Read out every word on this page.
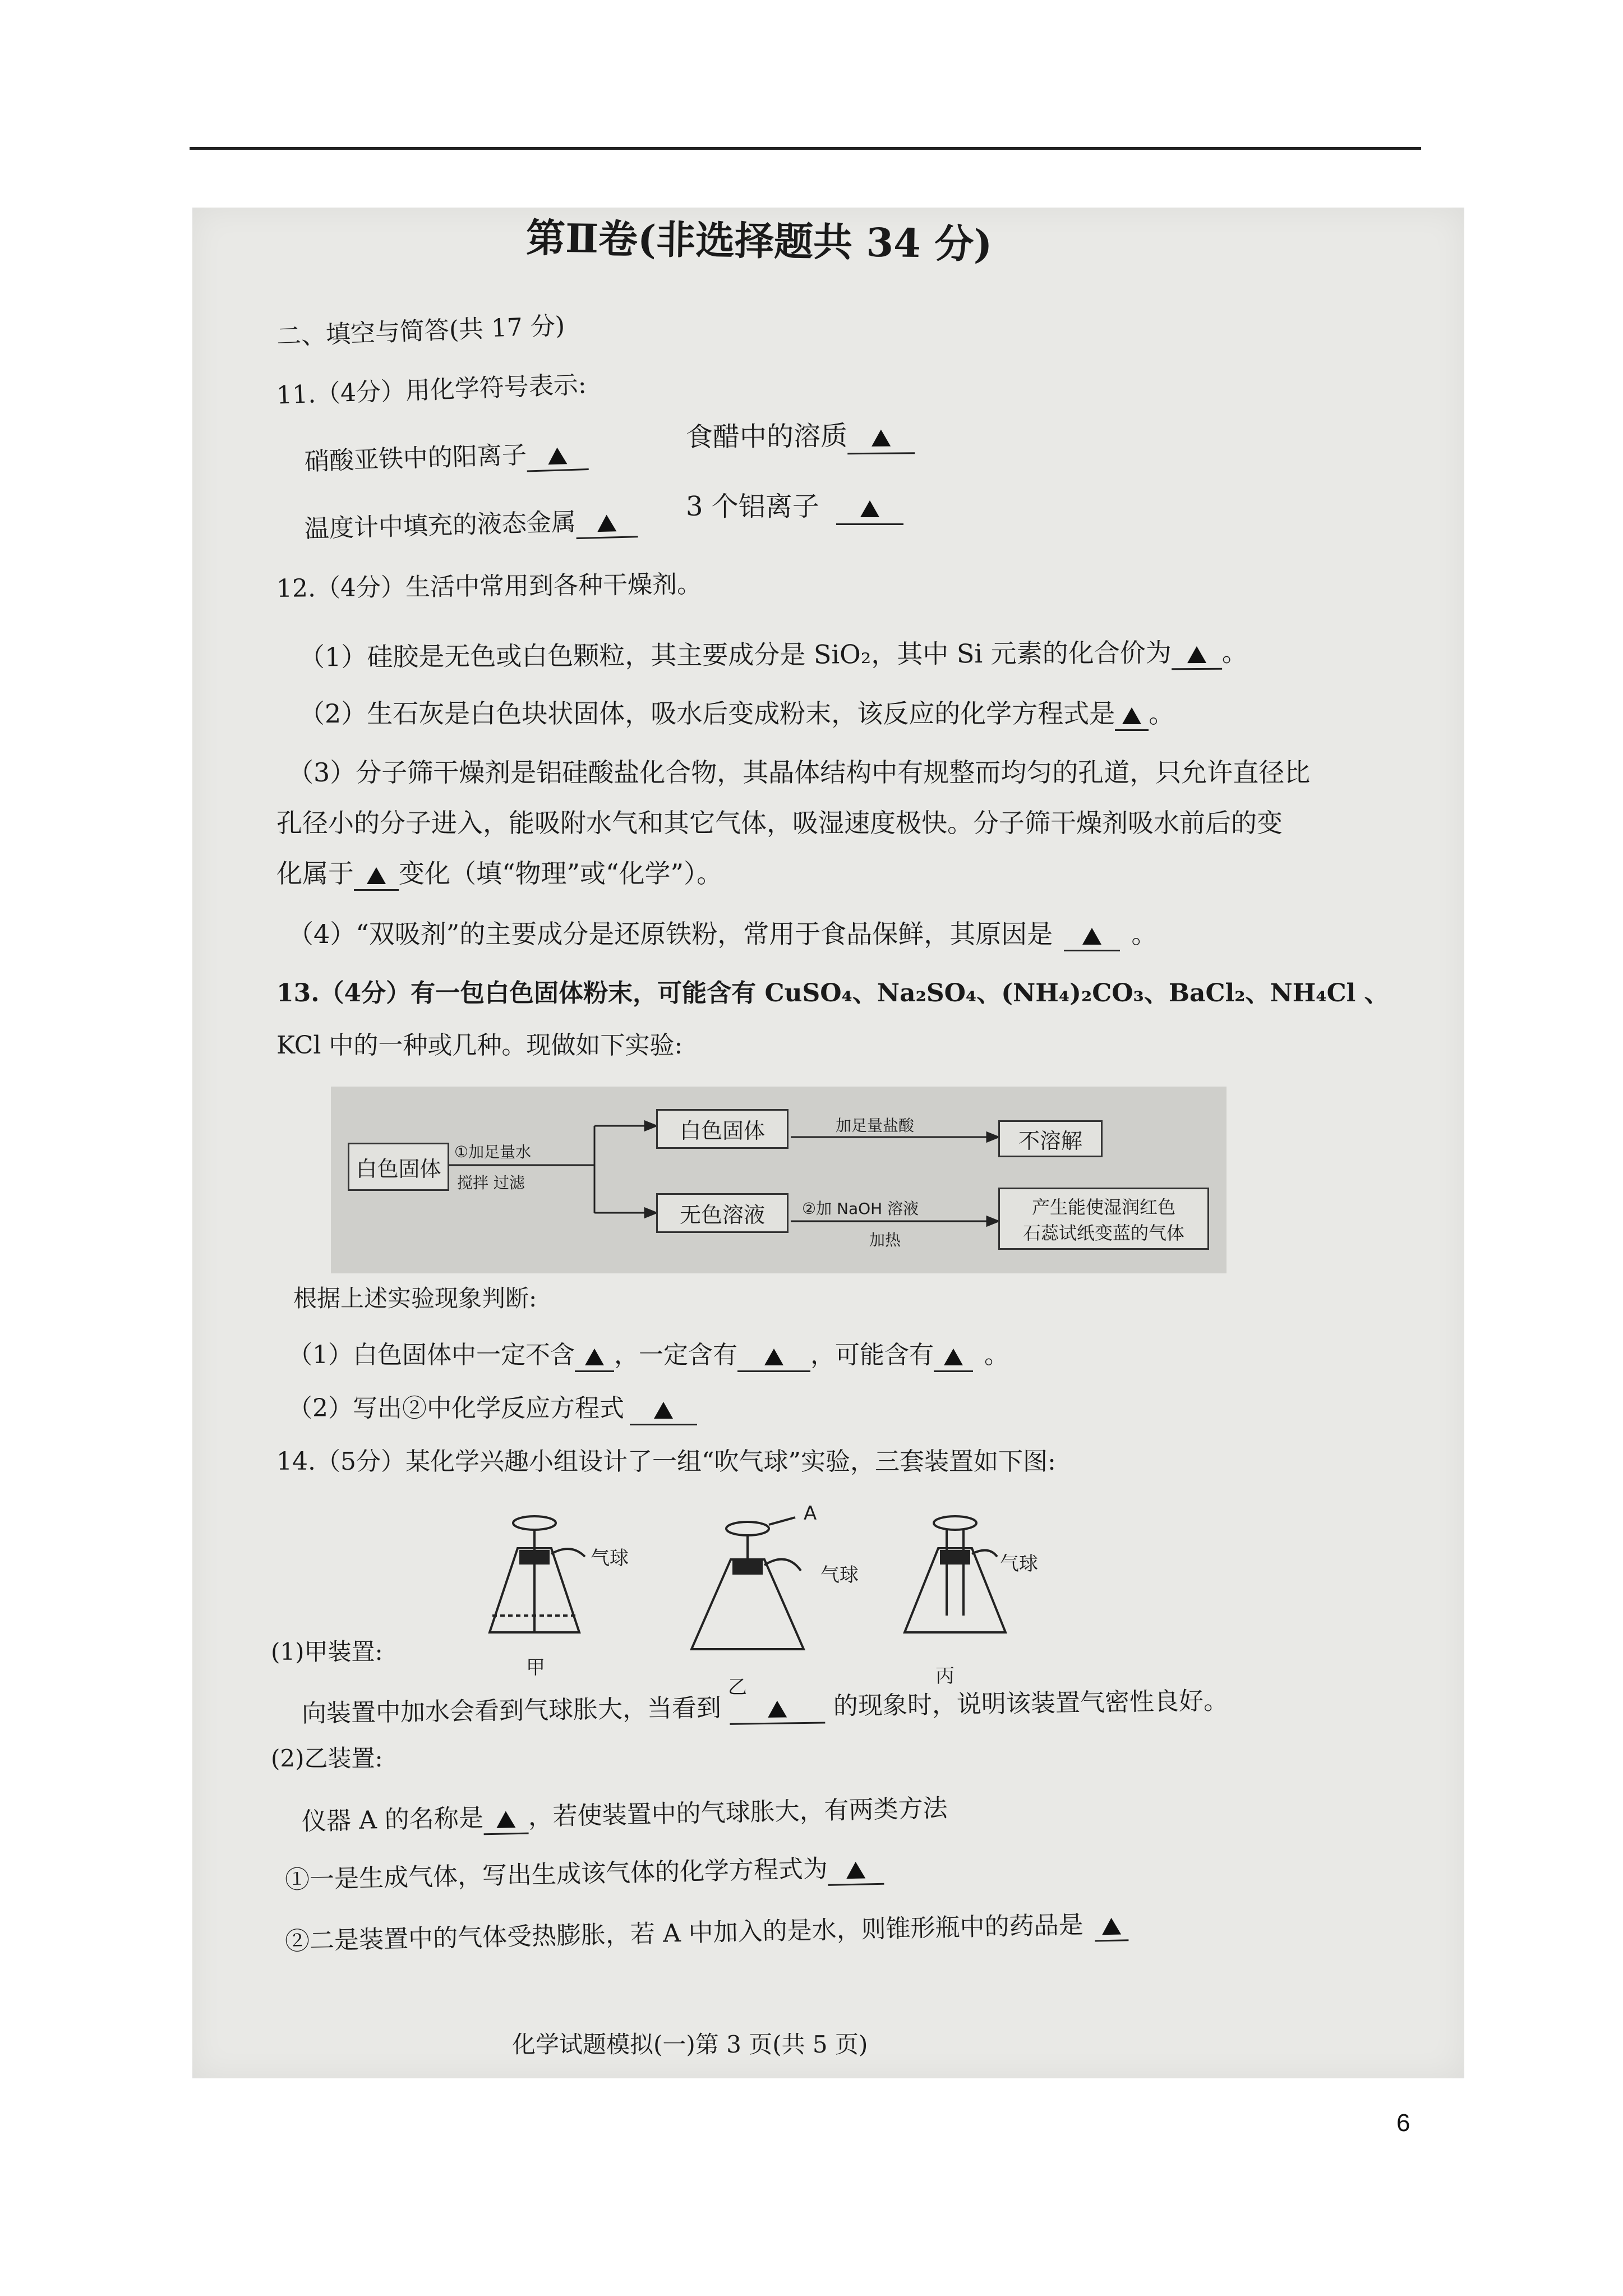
第Ⅱ卷(非选择题共 34 分)
二、填空与简答(共 17 分)
11.（4分）用化学符号表示:
硝酸亚铁中的阳离子
食醋中的溶质
温度计中填充的液态金属
3 个铝离子
12.（4分）生活中常用到各种干燥剂。
（1）硅胶是无色或白色颗粒，其主要成分是 SiO₂，其中 Si 元素的化合价为 。
（2）生石灰是白色块状固体，吸水后变成粉末，该反应的化学方程式是 。
（3）分子筛干燥剂是铝硅酸盐化合物，其晶体结构中有规整而均匀的孔道，只允许直径比
孔径小的分子进入，能吸附水气和其它气体，吸湿速度极快。分子筛干燥剂吸水前后的变
化属于 变化（填“物理”或“化学”）。
（4）“双吸剂”的主要成分是还原铁粉，常用于食品保鲜，其原因是	。
13.（4分）有一包白色固体粉末，可能含有 CuSO₄、Na₂SO₄、(NH₄)₂CO₃、BaCl₂、NH₄Cl 、
KCl 中的一种或几种。现做如下实验:
白色固体
①加足量水
搅拌 过滤
白色固体	加足量盐酸
不溶解
无色溶液	②加 NaOH 溶液
加热
产生能使湿润红色
石蕊试纸变蓝的气体
根据上述实验现象判断:
（1）白色固体中一定不含 ，一定含有	，可能含有 。
（2）写出②中化学反应方程式
14.（5分）某化学兴趣小组设计了一组“吹气球”实验，三套装置如下图:
气球
A
气球	气球
甲
乙	丙
(1)甲装置:
向装置中加水会看到气球胀大，当看到	的现象时，说明该装置气密性良好。
(2)乙装置:
仪器 A 的名称是 ，若使装置中的气球胀大，有两类方法
①一是生成气体，写出生成该气体的化学方程式为
②二是装置中的气体受热膨胀，若 A 中加入的是水，则锥形瓶中的药品是
化学试题模拟(一)第 3 页(共 5 页)
6
